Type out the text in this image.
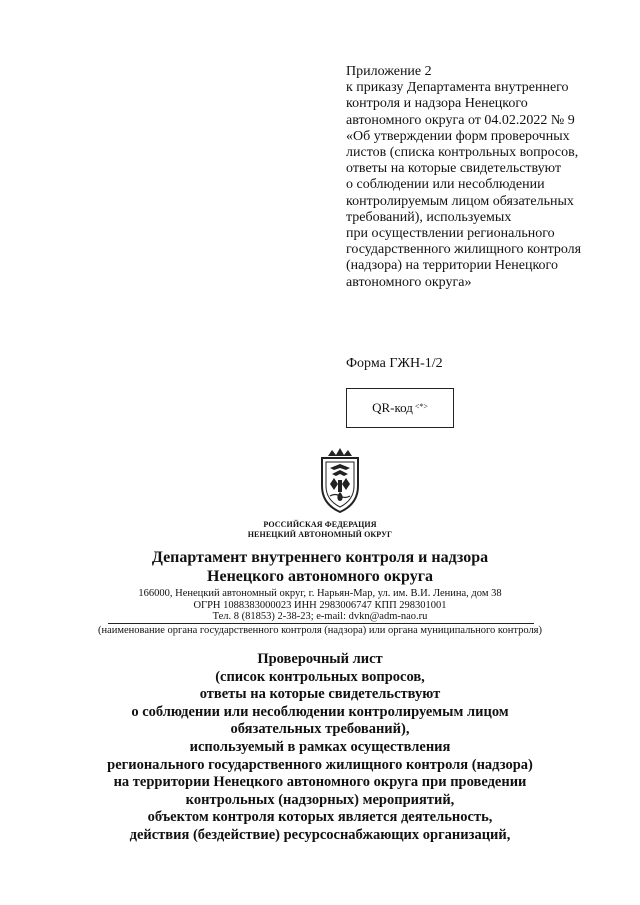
Приложение 2
к приказу Департамента внутреннего
контроля и надзора Ненецкого
автономного округа от 04.02.2022 № 9
«Об утверждении форм проверочных
листов (списка контрольных вопросов,
ответы на которые свидетельствуют
о соблюдении или несоблюдении
контролируемым лицом обязательных
требований), используемых
при осуществлении регионального
государственного жилищного контроля
(надзора) на территории Ненецкого
автономного округа»
Форма ГЖН-1/2
QR-код <*>
РОССИЙСКАЯ ФЕДЕРАЦИЯ
НЕНЕЦКИЙ АВТОНОМНЫЙ ОКРУГ
Департамент внутреннего контроля и надзора
Ненецкого автономного округа
166000, Ненецкий автономный округ, г. Нарьян-Мар, ул. им. В.И. Ленина, дом 38
ОГРН 1088383000023 ИНН 2983006747 КПП 298301001
Тел. 8 (81853) 2-38-23; e-mail: dvkn@adm-nao.ru
(наименование органа государственного контроля (надзора) или органа муниципального контроля)
Проверочный лист
(список контрольных вопросов,
ответы на которые свидетельствуют
о соблюдении или несоблюдении контролируемым лицом
обязательных требований),
используемый в рамках осуществления
регионального государственного жилищного контроля (надзора)
на территории Ненецкого автономного округа при проведении
контрольных (надзорных) мероприятий,
объектом контроля которых является деятельность,
действия (бездействие) ресурсоснабжающих организаций,
